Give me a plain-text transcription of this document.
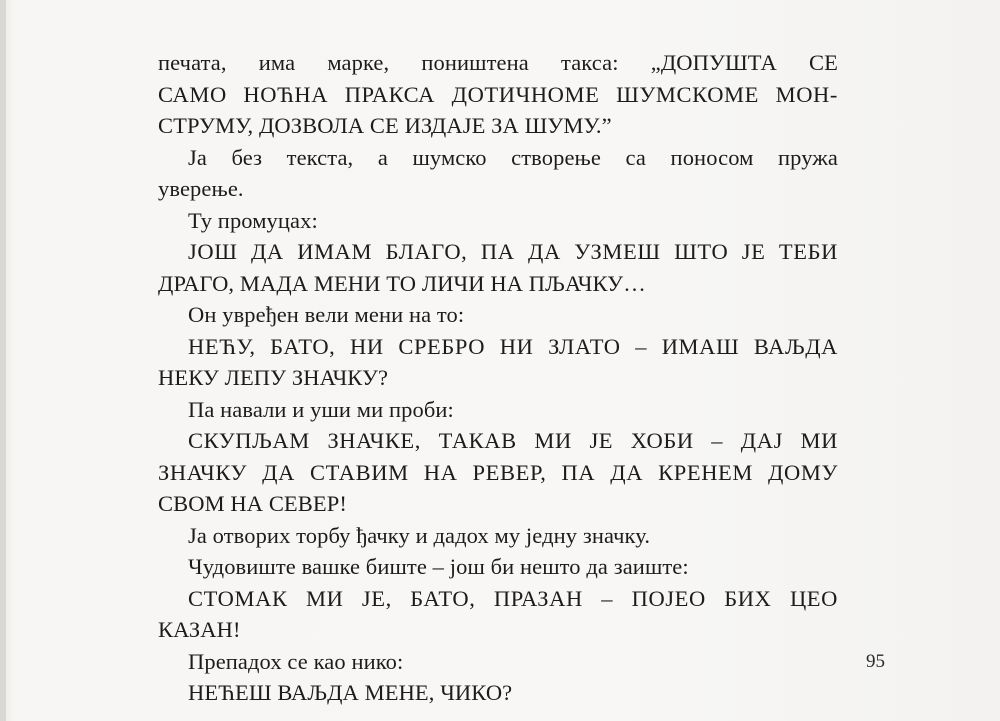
печата, има марке, поништена такса: „ДОПУШТА СЕ
САМО НОЋНА ПРАКСА ДОТИЧНОМЕ ШУМСКОМЕ МОН-
СТРУМУ, ДОЗВОЛА СЕ ИЗДАЈЕ ЗА ШУМУ.”
Ја без текста, а шумско створење са поносом пружа
уверење.
Ту промуцах:
ЈОШ ДА ИМАМ БЛАГО, ПА ДА УЗМЕШ ШТО ЈЕ ТЕБИ
ДРАГО, МАДА МЕНИ ТО ЛИЧИ НА ПЉАЧКУ…
Он увређен вели мени на то:
НЕЋУ, БАТО, НИ СРЕБРО НИ ЗЛАТО – ИМАШ ВАЉДА
НЕКУ ЛЕПУ ЗНАЧКУ?
Па навали и уши ми проби:
СКУПЉАМ ЗНАЧКЕ, ТАКАВ МИ ЈЕ ХОБИ – ДАЈ МИ
ЗНАЧКУ ДА СТАВИМ НА РЕВЕР, ПА ДА КРЕНЕМ ДОМУ
СВОМ НА СЕВЕР!
Ја отворих торбу ђачку и дадох му једну значку.
Чудовиште вашке биште – још би нешто да заиште:
СТОМАК МИ ЈЕ, БАТО, ПРАЗАН – ПОЈЕО БИХ ЦЕО
КАЗАН!
Препадох се као нико:
НЕЋЕШ ВАЉДА МЕНЕ, ЧИКО?
95
